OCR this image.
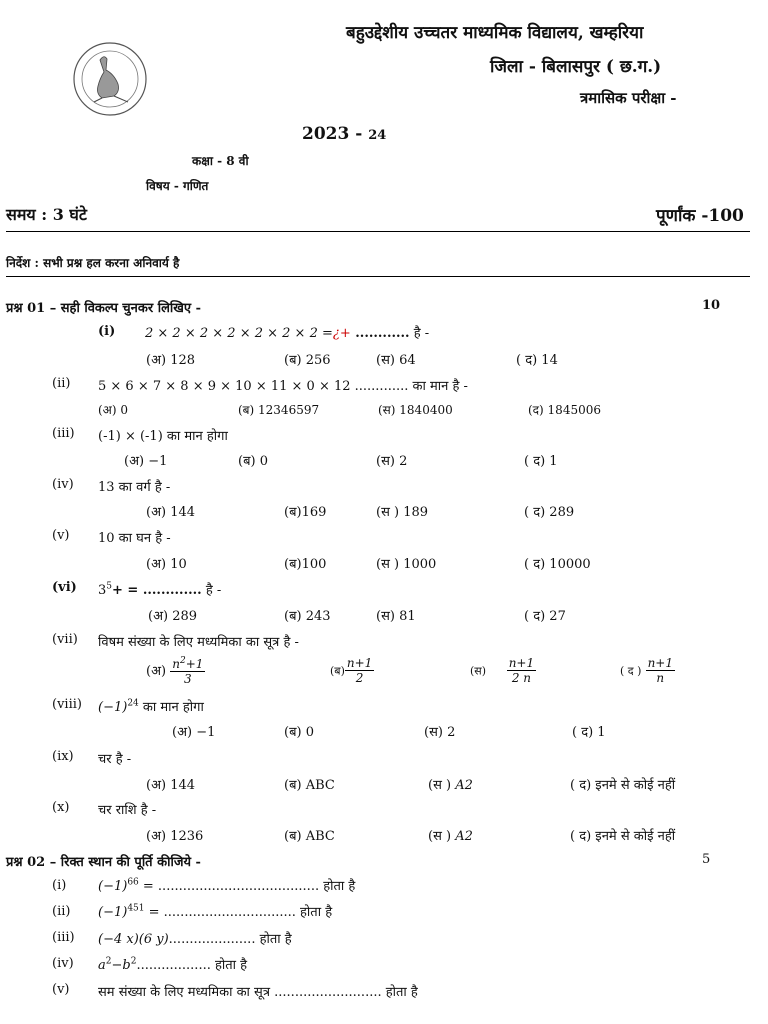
बहुउद्देशीय उच्चतर माध्यमिक विद्यालय, खम्हरिया
जिला - बिलासपुर ( छ.ग.)
त्रमासिक परीक्षा -
2023 - 24
कक्षा - 8 वी
विषय - गणित
समय : 3 घंटे	पूर्णांक -100
निर्देश : सभी प्रश्न हल करना अनिवार्य है
प्रश्न 01 – सही विकल्प चुनकर लिखिए -	10
(i) 2 × 2 × 2 × 2 × 2 × 2 × 2 =¿+ ............ है -
(अ) 128	(ब) 256	(स) 64	( द) 14
(ii) 5 × 6 × 7 × 8 × 9 × 10 × 11 × 0 × 12 ............. का मान है -
(अ) 0	(ब) 12346597	(स) 1840400	(द) 1845006
(iii) (-1) × (-1) का मान होगा
(अ) −1	(ब) 0	(स) 2	( द) 1
(iv) 13 का वर्ग है -
(अ) 144	(ब)169	(स ) 189	( द) 289
(v) 10 का घन है -
(अ) 10	(ब)100	(स ) 1000	( द) 10000
(vi) $3^5+$ = ............. है -
(अ) 289	(ब) 243	(स) 81	( द) 27
(vii) विषम संख्या के लिए मध्यमिका का सूत्र है -
(अ) $\frac{n^2+1}{3}$	(ब) $\frac{n+1}{2}$	(स) $\frac{n+1}{2 n}$	( द ) $\frac{n+1}{n}$
(viii) $(-1)^{24}$ का मान होगा
(अ) −1	(ब) 0	(स) 2	( द) 1
(ix) चर है -
(अ) 144	(ब) ABC	(स ) A2	( द) इनमे से कोई नहीं
(x) चर राशि है -
(अ) 1236	(ब) ABC	(स ) A2	( द) इनमे से कोई नहीं
प्रश्न 02 – रिक्त स्थान की पूर्ति कीजिये -	5
(i) $(-1)^{66}$ = ....................................... होता है
(ii) $(-1)^{451}$ = ................................ होता है
(iii) (−4 x)(6 y)..................... होता है
(iv) $a^2-b^2$.................. होता है
(v) सम संख्या के लिए मध्यमिका का सूत्र .......................... होता है
